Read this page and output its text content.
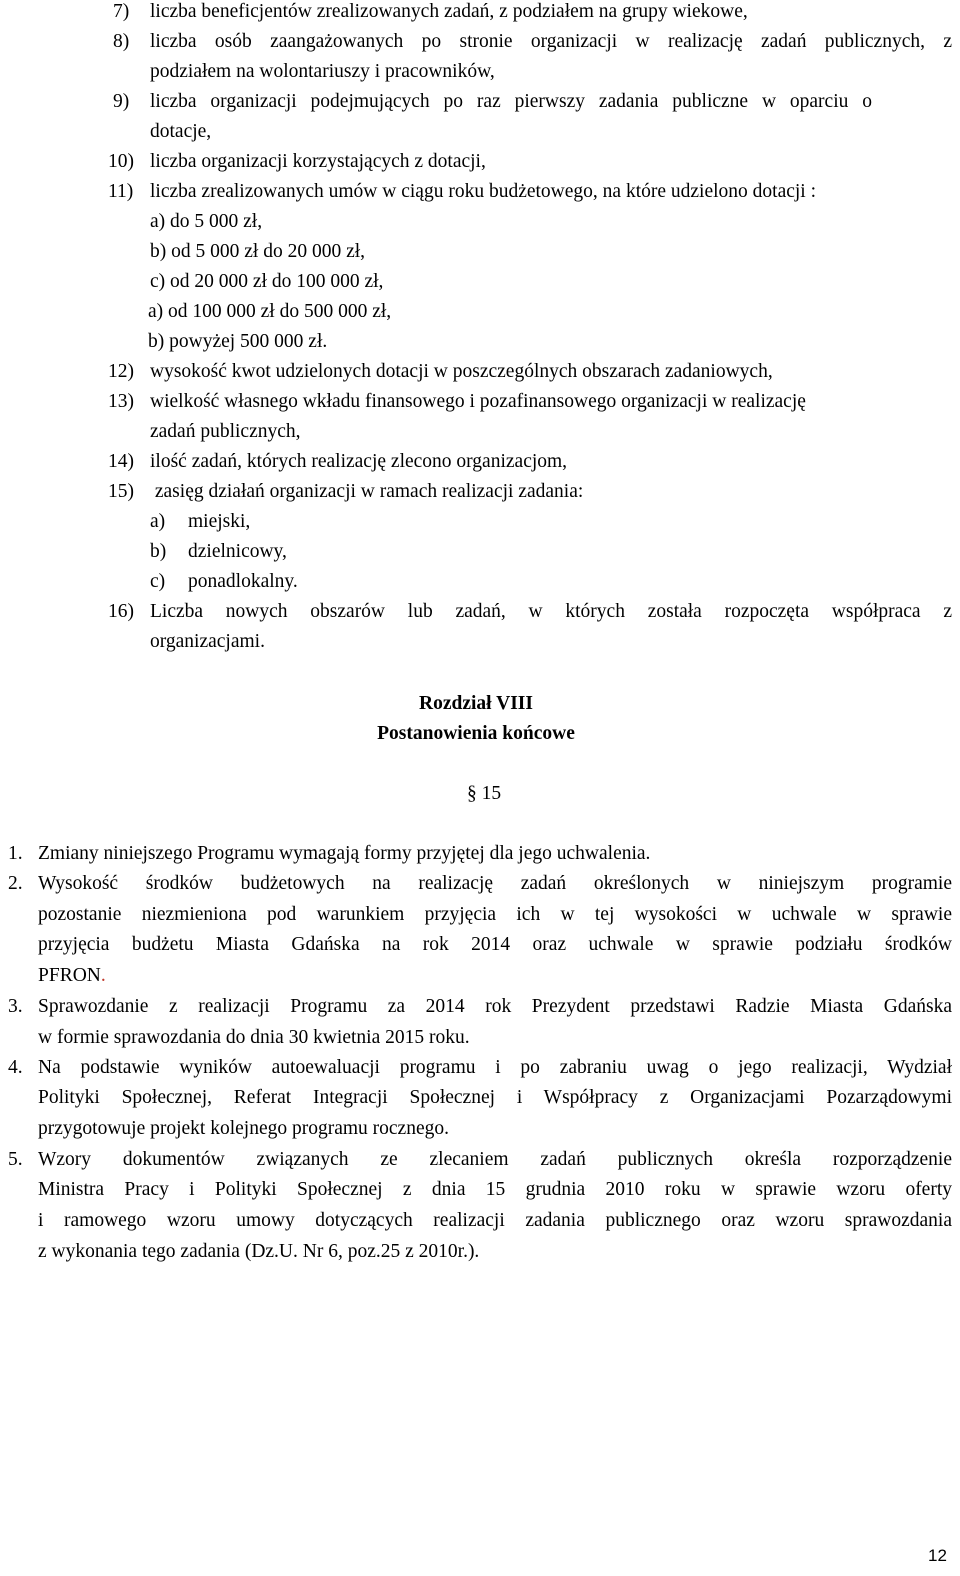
7) liczba beneficjentów zrealizowanych zadań, z podziałem na grupy wiekowe,
8) liczba osób zaangażowanych po stronie organizacji w realizację zadań publicznych, z
podziałem na wolontariuszy i pracowników,
9) liczba organizacji podejmujących po raz pierwszy zadania publiczne w oparciu o
dotacje,
10) liczba organizacji korzystających z dotacji,
11) liczba zrealizowanych umów w ciągu roku budżetowego, na które udzielono dotacji :
a) do 5 000 zł,
b) od 5 000 zł do 20 000 zł,
c) od 20 000 zł do 100 000 zł,
a) od 100 000 zł do 500 000 zł,
b) powyżej 500 000 zł.
12) wysokość kwot udzielonych dotacji w poszczególnych obszarach zadaniowych,
13) wielkość własnego wkładu finansowego i pozafinansowego organizacji w realizację
zadań publicznych,
14) ilość zadań, których realizację zlecono organizacjom,
15) zasięg działań organizacji w ramach realizacji zadania:
a) miejski,
b) dzielnicowy,
c) ponadlokalny.
16) Liczba nowych obszarów lub zadań, w których została rozpoczęta współpraca z
organizacjami.
Rozdział VIII
Postanowienia końcowe
§ 15
1. Zmiany niniejszego Programu wymagają formy przyjętej dla jego uchwalenia.
2. Wysokość środków budżetowych na realizację zadań określonych w niniejszym programie
pozostanie niezmieniona pod warunkiem przyjęcia ich w tej wysokości w uchwale w sprawie
przyjęcia budżetu Miasta Gdańska na rok 2014 oraz uchwale w sprawie podziału środków
PFRON.
3. Sprawozdanie z realizacji Programu za 2014 rok Prezydent przedstawi Radzie Miasta Gdańska
w formie sprawozdania do dnia 30 kwietnia 2015 roku.
4. Na podstawie wyników autoewaluacji programu i po zabraniu uwag o jego realizacji, Wydział
Polityki Społecznej, Referat Integracji Społecznej i Współpracy z Organizacjami Pozarządowymi
przygotowuje projekt kolejnego programu rocznego.
5. Wzory dokumentów związanych ze zlecaniem zadań publicznych określa rozporządzenie
Ministra Pracy i Polityki Społecznej z dnia 15 grudnia 2010 roku w sprawie wzoru oferty
i ramowego wzoru umowy dotyczących realizacji zadania publicznego oraz wzoru sprawozdania
z wykonania tego zadania (Dz.U. Nr 6, poz.25 z 2010r.).
12
